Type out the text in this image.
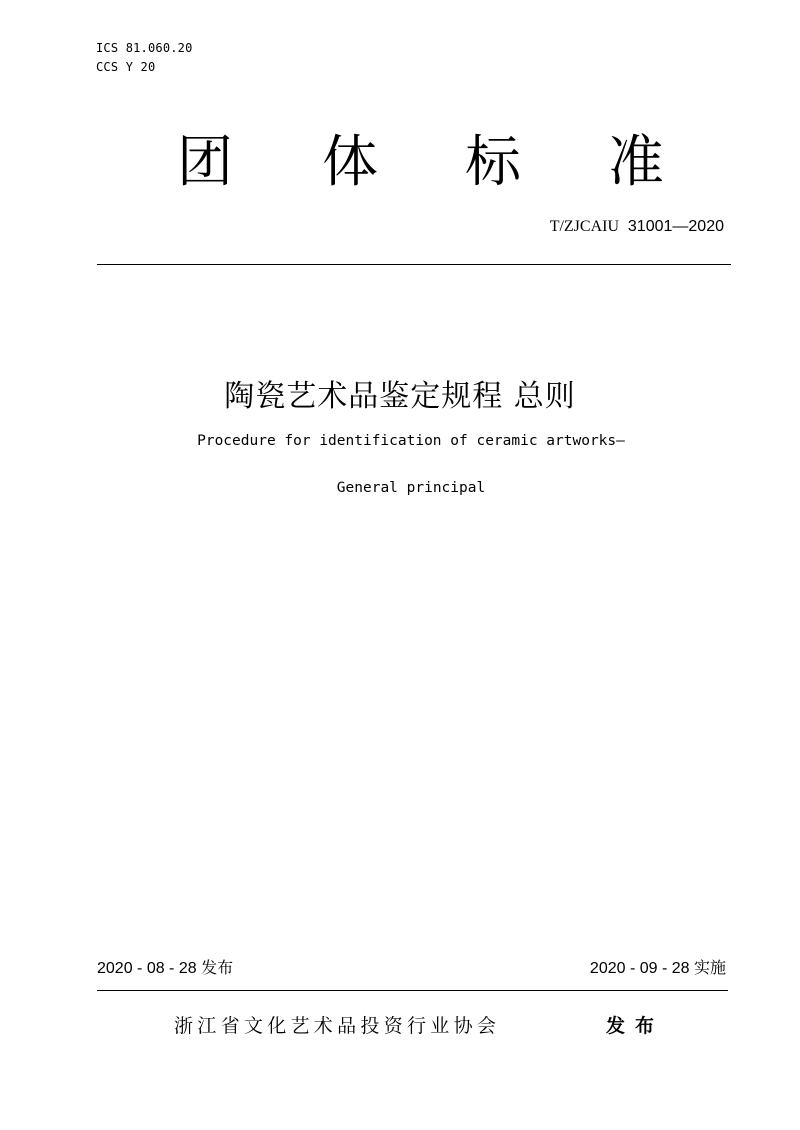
ICS 81.060.20
CCS Y 20
团 体 标 准
T/ZJCAIU 31001—2020
陶瓷艺术品鉴定规程 总则
Procedure for identification of ceramic artworks—
General principal
2020 - 08 - 28 发布	2020 - 09 - 28 实施
浙江省文化艺术品投资行业协会	发布
